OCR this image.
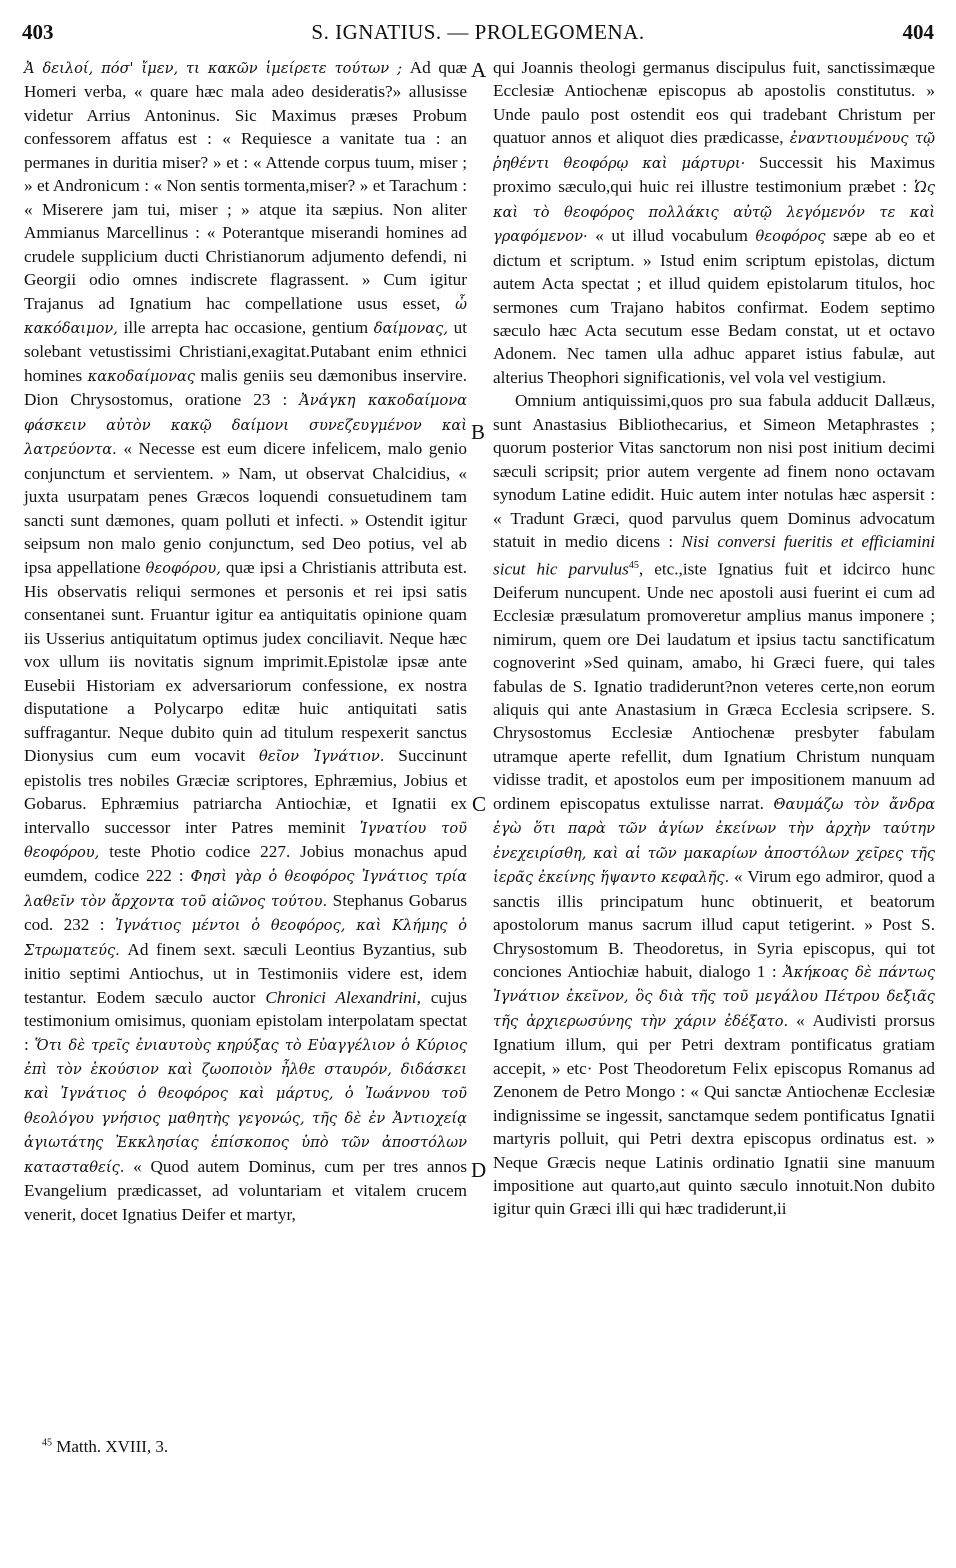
403	S. IGNATIUS. — PROLEGOMENA.	404

Ἀ δειλοί, πόσ' ἴμεν, τι κακῶν ἱμείρετε τούτων ; Ad quæ Homeri verba, « quare hæc mala adeo desideratis?» allusisse videtur Arrius Antoninus. Sic Maximus præses Probum confessorem affatus est : « Requiesce a vanitate tua : an permanes in duritia miser? » et : « Attende corpus tuum, miser ; » et Andronicum : « Non sentis tormenta,miser? » et Tarachum : « Miserere jam tui, miser ; » atque ita sæpius. Non aliter Ammianus Marcellinus : « Poterantque miserandi homines ad crudele supplicium ducti Christianorum adjumento defendi, ni Georgii odio omnes indiscrete flagrassent. » Cum igitur Trajanus ad Ignatium hac compellatione usus esset, ὦ κακόδαιμον, ille arrepta hac occasione, gentium δαίμονας, ut solebant vetustissimi Christiani,exagitat.Putabant enim ethnici homines κακοδαίμονας malis geniis seu dæmonibus inservire. Dion Chrysostomus, oratione 23 : Ἀνάγκη κακοδαίμονα φάσκειν αὐτὸν κακῷ δαίμονι συνεζευγμένον καὶ λατρεύοντα. « Necesse est eum dicere infelicem, malo genio conjunctum et servientem. » Nam, ut observat Chalcidius, « juxta usurpatam penes Græcos loquendi consuetudinem tam sancti sunt dæmones, quam polluti et infecti. » Ostendit igitur seipsum non malo genio conjunctum, sed Deo potius, vel ab ipsa appellatione θεοφόρου, quæ ipsi a Christianis attributa est. His observatis reliqui sermones et personis et rei ipsi satis consentanei sunt. Fruantur igitur ea antiquitatis opinione quam iis Usserius antiquitatum optimus judex conciliavit. Neque hæc vox ullum iis novitatis signum imprimit.Epistolæ ipsæ ante Eusebii Historiam ex adversariorum confessione, ex nostra disputatione a Polycarpo editæ huic antiquitati satis suffragantur. Neque dubito quin ad titulum respexerit sanctus Dionysius cum eum vocavit θεῖον Ἰγνάτιον. Succinunt epistolis tres nobiles Græciæ scriptores, Ephræmius, Jobius et Gobarus. Ephræmius patriarcha Antiochiæ, et Ignatii ex intervallo successor inter Patres meminit Ἰγνατίου τοῦ θεοφόρου, teste Photio codice 227. Jobius monachus apud eumdem, codice 222 : Φησὶ γὰρ ὁ θεοφόρος Ἰγνάτιος τρία λαθεῖν τὸν ἄρχοντα τοῦ αἰῶνος τούτου. Stephanus Gobarus cod. 232 : Ἰγνάτιος μέντοι ὁ θεοφόρος, καὶ Κλήμης ὁ Στρωματεύς. Ad finem sext. sæculi Leontius Byzantius, sub initio septimi Antiochus, ut in Testimoniis videre est, idem testantur. Eodem sæculo auctor Chronici Alexandrini, cujus testimonium omisimus, quoniam epistolam interpolatam spectat : Ὅτι δὲ τρεῖς ἐνιαυτοὺς κηρύξας τὸ Εὐαγγέλιον ὁ Κύριος ἐπὶ τὸν ἑκούσιον καὶ ζωοποιὸν ἦλθε σταυρόν, διδάσκει καὶ Ἰγνάτιος ὁ θεοφόρος καὶ μάρτυς, ὁ Ἰωάννου τοῦ θεολόγου γνήσιος μαθητὴς γεγονώς, τῆς δὲ ἐν Ἀντιοχείᾳ ἁγιωτάτης Ἐκκλησίας ἐπίσκοπος ὑπὸ τῶν ἀποστόλων κατασταθείς. « Quod autem Dominus, cum per tres annos Evangelium prædicasset, ad voluntariam et vitalem crucem venerit, docet Ignatius Deifer et martyr,

qui Joannis theologi germanus discipulus fuit, sanctissimæque Ecclesiæ Antiochenæ episcopus ab apostolis constitutus. » Unde paulo post ostendit eos qui tradebant Christum per quatuor annos et aliquot dies prædicasse, ἐναντιουμένους τῷ ῥηθέντι θεοφόρῳ καὶ μάρτυρι· Successit his Maximus proximo sæculo,qui huic rei illustre testimonium præbet : Ὡς καὶ τὸ θεοφόρος πολλάκις αὐτῷ λεγόμενόν τε καὶ γραφόμενον· « ut illud vocabulum θεοφόρος sæpe ab eo et dictum et scriptum. » Istud enim scriptum epistolas, dictum autem Acta spectat ; et illud quidem epistolarum titulos, hoc sermones cum Trajano habitos confirmat. Eodem septimo sæculo hæc Acta secutum esse Bedam constat, ut et octavo Adonem. Nec tamen ulla adhuc apparet istius fabulæ, aut alterius Theophori significationis, vel vola vel vestigium.

Omnium antiquissimi,quos pro sua fabula adducit Dallæus, sunt Anastasius Bibliothecarius, et Simeon Metaphrastes ; quorum posterior Vitas sanctorum non nisi post initium decimi sæculi scripsit; prior autem vergente ad finem nono octavam synodum Latine edidit. Huic autem inter notulas hæc aspersit : « Tradunt Græci, quod parvulus quem Dominus advocatum statuit in medio dicens : Nisi conversi fueritis et efficiamini sicut hic parvulus$^{45}$, etc.,iste Ignatius fuit et idcirco hunc Deiferum nuncupent. Unde nec apostoli ausi fuerint ei cum ad Ecclesiæ præsulatum promoveretur amplius manus imponere ; nimirum, quem ore Dei laudatum et ipsius tactu sanctificatum cognoverint »Sed quinam, amabo, hi Græci fuere, qui tales fabulas de S. Ignatio tradiderunt?non veteres certe,non eorum aliquis qui ante Anastasium in Græca Ecclesia scripsere. S. Chrysostomus Ecclesiæ Antiochenæ presbyter fabulam utramque aperte refellit, dum Ignatium Christum nunquam vidisse tradit, et apostolos eum per impositionem manuum ad ordinem episcopatus extulisse narrat. Θαυμάζω τὸν ἄνδρα ἐγὼ ὅτι παρὰ τῶν ἁγίων ἐκείνων τὴν ἀρχὴν ταύτην ἐνεχειρίσθη, καὶ αἱ τῶν μακαρίων ἀποστόλων χεῖρες τῆς ἱερᾶς ἐκείνης ἥψαντο κεφαλῆς. « Virum ego admiror, quod a sanctis illis principatum hunc obtinuerit, et beatorum apostolorum manus sacrum illud caput tetigerint. » Post S. Chrysostomum B. Theodoretus, in Syria episcopus, qui tot conciones Antiochiæ habuit, dialogo 1 : Ἀκήκοας δὲ πάντως Ἰγνάτιον ἐκεῖνον, ὃς διὰ τῆς τοῦ μεγάλου Πέτρου δεξιᾶς τῆς ἀρχιερωσύνης τὴν χάριν ἐδέξατο. « Audivisti prorsus Ignatium illum, qui per Petri dextram pontificatus gratiam accepit, » etc· Post Theodoretum Felix episcopus Romanus ad Zenonem de Petro Mongo : « Qui sanctæ Antiochenæ Ecclesiæ indignissime se ingessit, sanctamque sedem pontificatus Ignatii martyris polluit, qui Petri dextra episcopus ordinatus est. » Neque Græcis neque Latinis ordinatio Ignatii sine manuum impositione aut quarto,aut quinto sæculo innotuit.Non dubito igitur quin Græci illi qui hæc tradiderunt,ii

A
B
C
D
$^{45}$ Matth. XVIII, 3.
